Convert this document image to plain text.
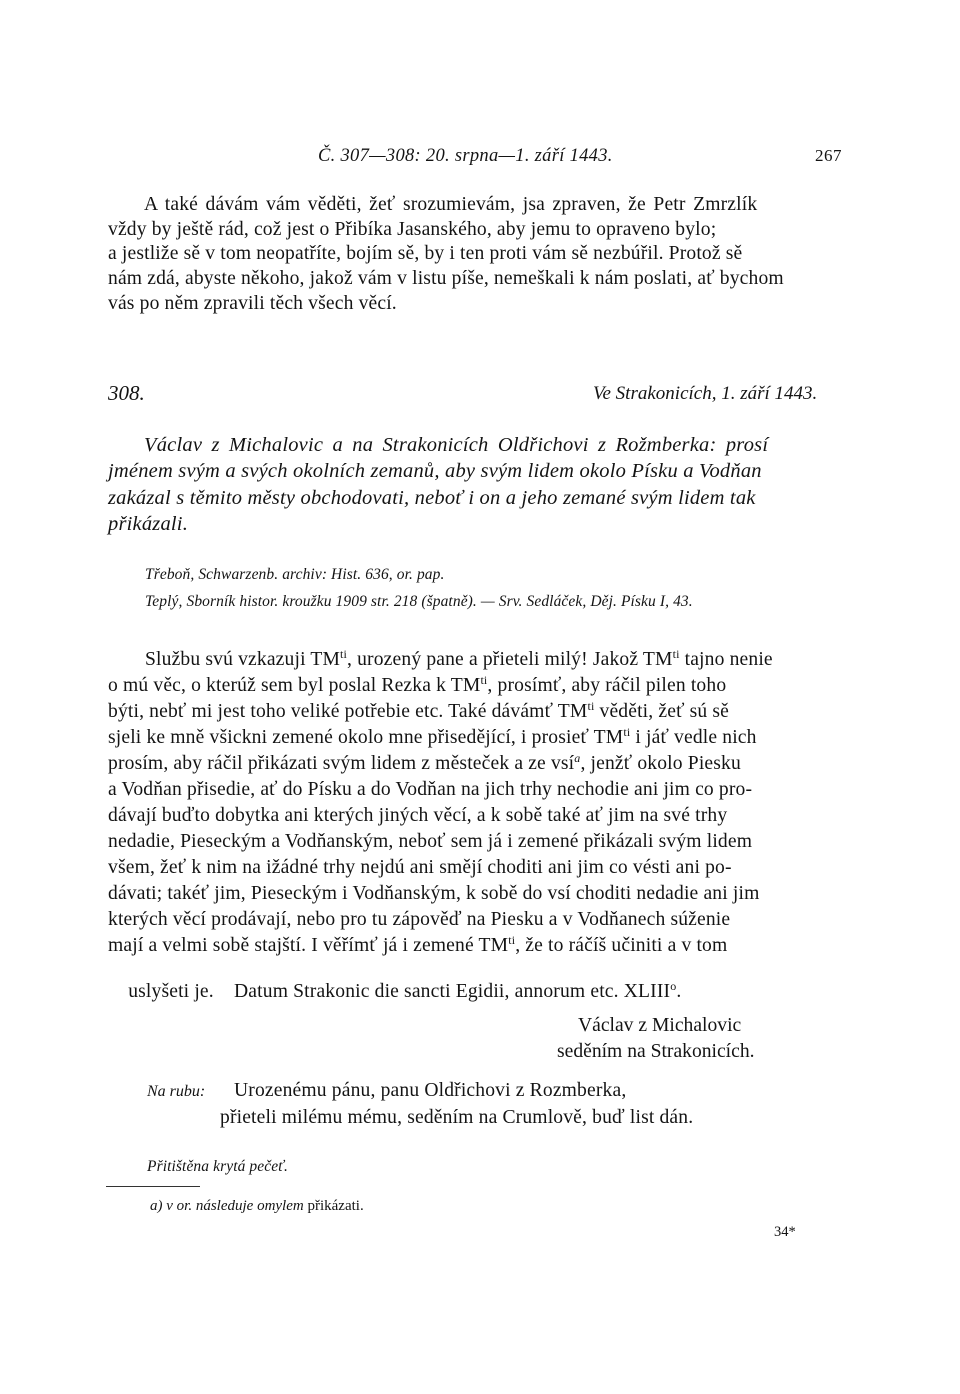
Č. 307—308: 20. srpna—1. září 1443.	267
A také dávám vám věděti, žeť srozumievám, jsa zpraven, že Petr Zmrzlík
vždy by ještě rád, což jest o Přibíka Jasanského, aby jemu to opraveno bylo;
a jestliže sě v tom neopatříte, bojím sě, by i ten proti vám sě nezbúřil. Protož sě
nám zdá, abyste někoho, jakož vám v listu píše, nemeškali k nám poslati, ať bychom
vás po něm zpravili těch všech věcí.
308.	Ve Strakonicích, 1. září 1443.
Václav z Michalovic a na Strakonicích Oldřichovi z Rožmberka: prosí
jménem svým a svých okolních zemanů, aby svým lidem okolo Písku a Vodňan
zakázal s těmito městy obchodovati, neboť i on a jeho zemané svým lidem tak
přikázali.
Třeboň, Schwarzenb. archiv: Hist. 636, or. pap.
Teplý, Sborník histor. kroužku 1909 str. 218 (špatně). — Srv. Sedláček, Děj. Písku I, 43.
Službu svú vzkazuji $TM^{ti}$, urozený pane a přieteli milý! Jakož $TM^{ti}$ tajno nenie
o mú věc, o kterúž sem byl poslal Rezka k $TM^{ti}$, prosímť, aby ráčil pilen toho
býti, nebť mi jest toho veliké potřebie etc. Také dávámť $TM^{ti}$ věděti, žeť sú sě
sjeli ke mně všickni zemené okolo mne přisedějící, i prosieť $TM^{ti}$ i jáť vedle nich
prosím, aby ráčil přikázati svým lidem z městeček a ze vsí$^a$, jenžť okolo Piesku
a Vodňan přisedie, ať do Písku a do Vodňan na jich trhy nechodie ani jim co pro-
dávají buďto dobytka ani kterých jiných věcí, a k sobě také ať jim na své trhy
nedadie, Pieseckým a Vodňanským, neboť sem já i zemené přikázali svým lidem
všem, žeť k nim na ižádné trhy nejdú ani smějí choditi ani jim co vésti ani po-
dávati; takéť jim, Pieseckým i Vodňanským, k sobě do vsí choditi nedadie ani jim
kterých věcí prodávají, nebo pro tu zápověď na Piesku a v Vodňanech súženie
mají a velmi sobě stajští. I věřímť já i zemené $TM^{ti}$, že to ráčíš učiniti a v tom

uslyšeti je.    Datum Strakonic die sancti Egidii, annorum etc. XLIII$^o$.

Václav z Michalovic
seděním na Strakonicích.
Na rubu: Urozenému pánu, panu Oldřichovi z Rozmberka,
přieteli milému mému, seděním na Crumlově, buď list dán.
Přitištěna krytá pečeť.
a) v or. následuje omylem přikázati.
34*
